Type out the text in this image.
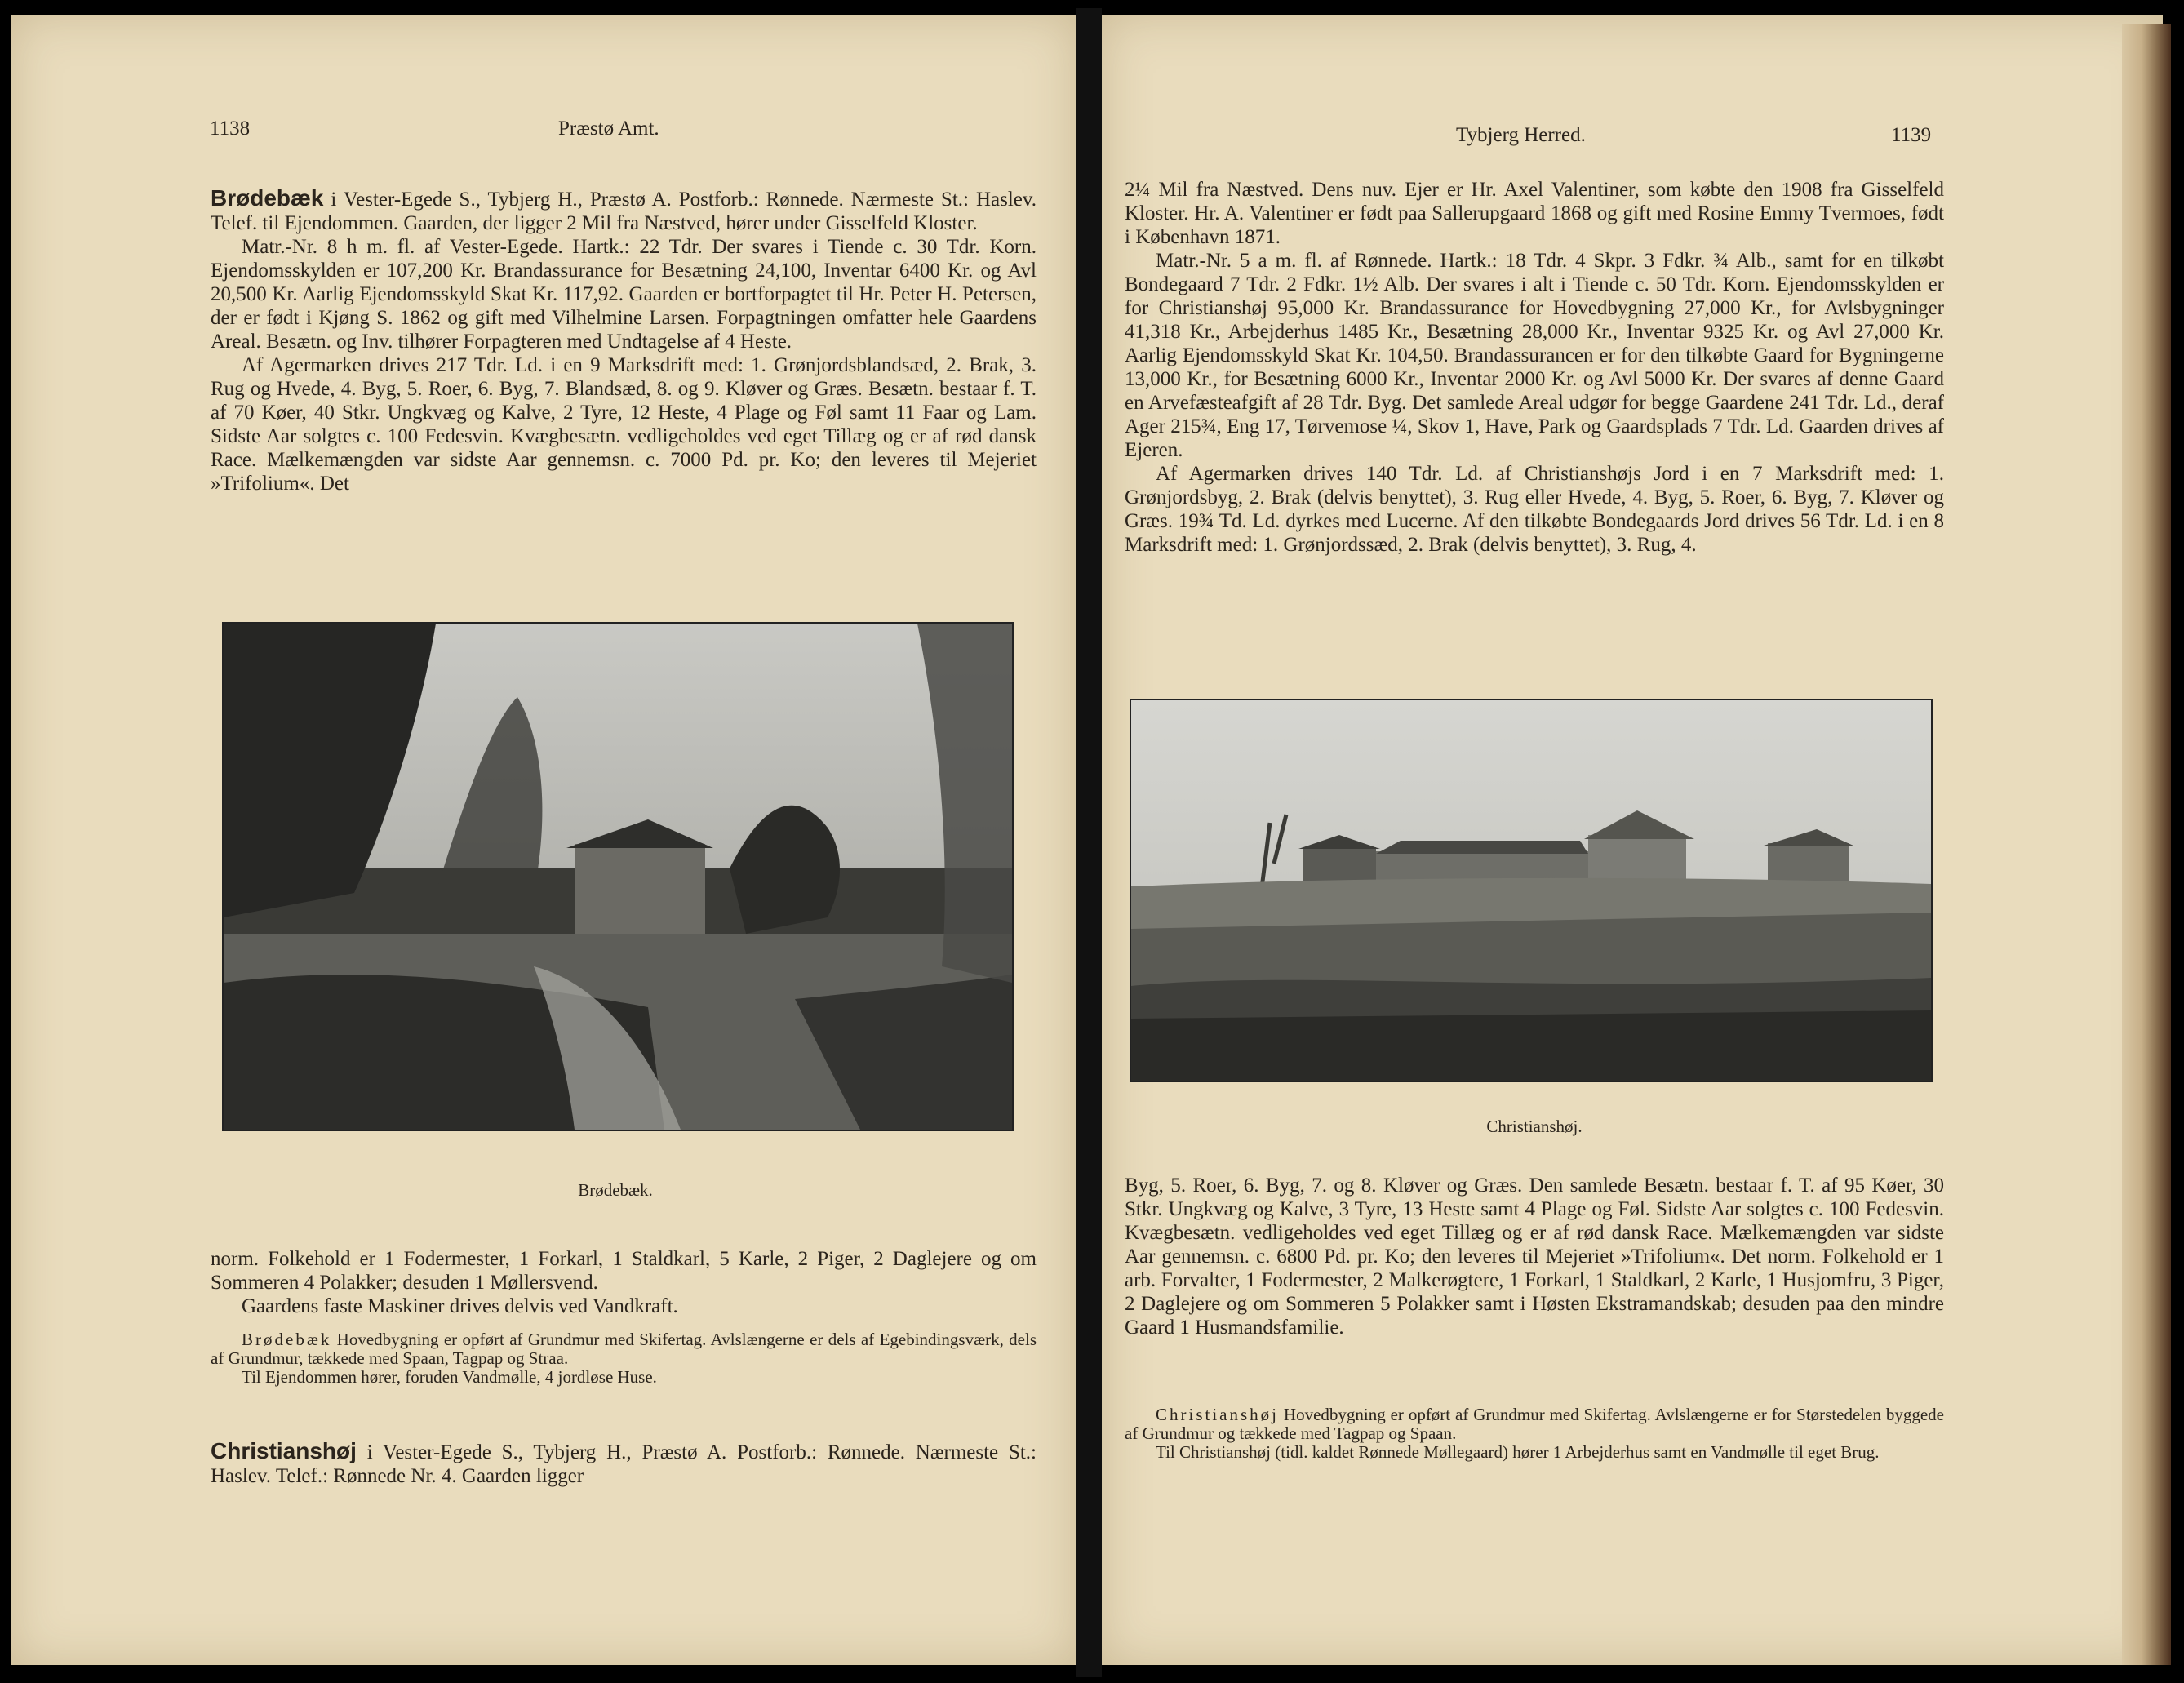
1138	Præstø Amt.

Brødebæk i Vester-Egede S., Tybjerg H., Præstø A. Postforb.: Rønnede. Nærmeste St.: Haslev. Telef. til Ejendommen. Gaarden, der ligger 2 Mil fra Næstved, hører under Gisselfeld Kloster.

Matr.-Nr. 8 h m. fl. af Vester-Egede. Hartk.: 22 Tdr. Der svares i Tiende c. 30 Tdr. Korn. Ejendomsskylden er 107,200 Kr. Brandassurance for Besætning 24,100, Inventar 6400 Kr. og Avl 20,500 Kr. Aarlig Ejendomsskyld Skat Kr. 117,92. Gaarden er bortforpagtet til Hr. Peter H. Petersen, der er født i Kjøng S. 1862 og gift med Vilhelmine Larsen. Forpagtningen omfatter hele Gaardens Areal. Besætn. og Inv. tilhører Forpagteren med Undtagelse af 4 Heste.

Af Agermarken drives 217 Tdr. Ld. i en 9 Marksdrift med: 1. Grønjordsblandsæd, 2. Brak, 3. Rug og Hvede, 4. Byg, 5. Roer, 6. Byg, 7. Blandsæd, 8. og 9. Kløver og Græs. Besætn. bestaar f. T. af 70 Køer, 40 Stkr. Ungkvæg og Kalve, 2 Tyre, 12 Heste, 4 Plage og Føl samt 11 Faar og Lam. Sidste Aar solgtes c. 100 Fedesvin. Kvægbesætn. vedligeholdes ved eget Tillæg og er af rød dansk Race. Mælkemængden var sidste Aar gennemsn. c. 7000 Pd. pr. Ko; den leveres til Mejeriet »Trifolium«. Det

Brødebæk.

norm. Folkehold er 1 Fodermester, 1 Forkarl, 1 Staldkarl, 5 Karle, 2 Piger, 2 Daglejere og om Sommeren 4 Polakker; desuden 1 Møllersvend.

Gaardens faste Maskiner drives delvis ved Vandkraft.

Brødebæk Hovedbygning er opført af Grundmur med Skifertag. Avlslængerne er dels af Egebindingsværk, dels af Grundmur, tækkede med Spaan, Tagpap og Straa.

Til Ejendommen hører, foruden Vandmølle, 4 jordløse Huse.

Christianshøj i Vester-Egede S., Tybjerg H., Præstø A. Postforb.: Rønnede. Nærmeste St.: Haslev. Telef.: Rønnede Nr. 4. Gaarden ligger

Tybjerg Herred.	1139

2¼ Mil fra Næstved. Dens nuv. Ejer er Hr. Axel Valentiner, som købte den 1908 fra Gisselfeld Kloster. Hr. A. Valentiner er født paa Sallerupgaard 1868 og gift med Rosine Emmy Tvermoes, født i København 1871.

Matr.-Nr. 5 a m. fl. af Rønnede. Hartk.: 18 Tdr. 4 Skpr. 3 Fdkr. ¾ Alb., samt for en tilkøbt Bondegaard 7 Tdr. 2 Fdkr. 1½ Alb. Der svares i alt i Tiende c. 50 Tdr. Korn. Ejendomsskylden er for Christianshøj 95,000 Kr. Brandassurance for Hovedbygning 27,000 Kr., for Avlsbygninger 41,318 Kr., Arbejderhus 1485 Kr., Besætning 28,000 Kr., Inventar 9325 Kr. og Avl 27,000 Kr. Aarlig Ejendomsskyld Skat Kr. 104,50. Brandassurancen er for den tilkøbte Gaard for Bygningerne 13,000 Kr., for Besætning 6000 Kr., Inventar 2000 Kr. og Avl 5000 Kr. Der svares af denne Gaard en Arvefæsteafgift af 28 Tdr. Byg. Det samlede Areal udgør for begge Gaardene 241 Tdr. Ld., deraf Ager 215¾, Eng 17, Tørvemose ¼, Skov 1, Have, Park og Gaardsplads 7 Tdr. Ld. Gaarden drives af Ejeren.

Af Agermarken drives 140 Tdr. Ld. af Christianshøjs Jord i en 7 Marksdrift med: 1. Grønjordsbyg, 2. Brak (delvis benyttet), 3. Rug eller Hvede, 4. Byg, 5. Roer, 6. Byg, 7. Kløver og Græs. 19¾ Td. Ld. dyrkes med Lucerne. Af den tilkøbte Bondegaards Jord drives 56 Tdr. Ld. i en 8 Marksdrift med: 1. Grønjordssæd, 2. Brak (delvis benyttet), 3. Rug, 4.

Christianshøj.

Byg, 5. Roer, 6. Byg, 7. og 8. Kløver og Græs. Den samlede Besætn. bestaar f. T. af 95 Køer, 30 Stkr. Ungkvæg og Kalve, 3 Tyre, 13 Heste samt 4 Plage og Føl. Sidste Aar solgtes c. 100 Fedesvin. Kvægbesætn. vedligeholdes ved eget Tillæg og er af rød dansk Race. Mælkemængden var sidste Aar gennemsn. c. 6800 Pd. pr. Ko; den leveres til Mejeriet »Trifolium«. Det norm. Folkehold er 1 arb. Forvalter, 1 Fodermester, 2 Malkerøgtere, 1 Forkarl, 1 Staldkarl, 2 Karle, 1 Husjomfru, 3 Piger, 2 Daglejere og om Sommeren 5 Polakker samt i Høsten Ekstramandskab; desuden paa den mindre Gaard 1 Husmandsfamilie.

Christianshøj Hovedbygning er opført af Grundmur med Skifertag. Avlslængerne er for Størstedelen byggede af Grundmur og tækkede med Tagpap og Spaan.

Til Christianshøj (tidl. kaldet Rønnede Møllegaard) hører 1 Arbejderhus samt en Vandmølle til eget Brug.
